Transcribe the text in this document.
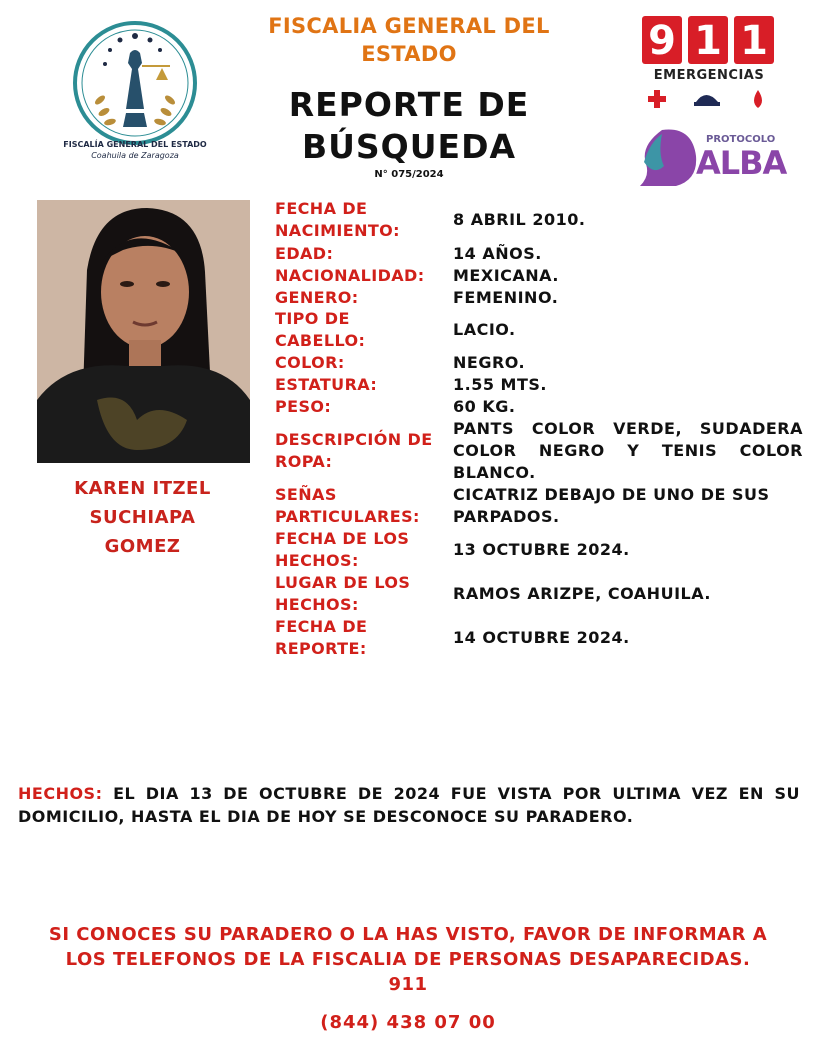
FISCALÍA GENERAL DEL ESTADO
Coahuila de Zaragoza
FISCALIA GENERAL DEL ESTADO
REPORTE DE
BÚSQUEDA
N° 075/2024
9 1 1
EMERGENCIAS
PROTOCOLO
ALBA
KAREN ITZEL
SUCHIAPA
GOMEZ
FECHA DE NACIMIENTO:
8 ABRIL 2010.
EDAD:	14 AÑOS.
NACIONALIDAD:	MEXICANA.
GENERO:	FEMENINO.
TIPO DE CABELLO:
LACIO.
COLOR:	NEGRO.
ESTATURA:	1.55 MTS.
PESO:	60 KG.
DESCRIPCIÓN DE ROPA:
PANTS COLOR VERDE, SUDADERA COLOR NEGRO Y TENIS COLOR BLANCO.
SEÑAS PARTICULARES:
CICATRIZ DEBAJO DE UNO DE SUS PARPADOS.
FECHA DE LOS HECHOS:
13 OCTUBRE 2024.
LUGAR DE LOS HECHOS:
RAMOS ARIZPE, COAHUILA.
FECHA DE REPORTE:
14 OCTUBRE 2024.
HECHOS: EL DIA 13 DE OCTUBRE DE 2024 FUE VISTA POR ULTIMA VEZ EN SU DOMICILIO, HASTA EL DIA DE HOY SE DESCONOCE SU PARADERO.
SI CONOCES SU PARADERO O LA HAS VISTO, FAVOR DE INFORMAR A
LOS TELEFONOS DE LA FISCALIA DE PERSONAS DESAPARECIDAS.
911
(844) 438 07 00
